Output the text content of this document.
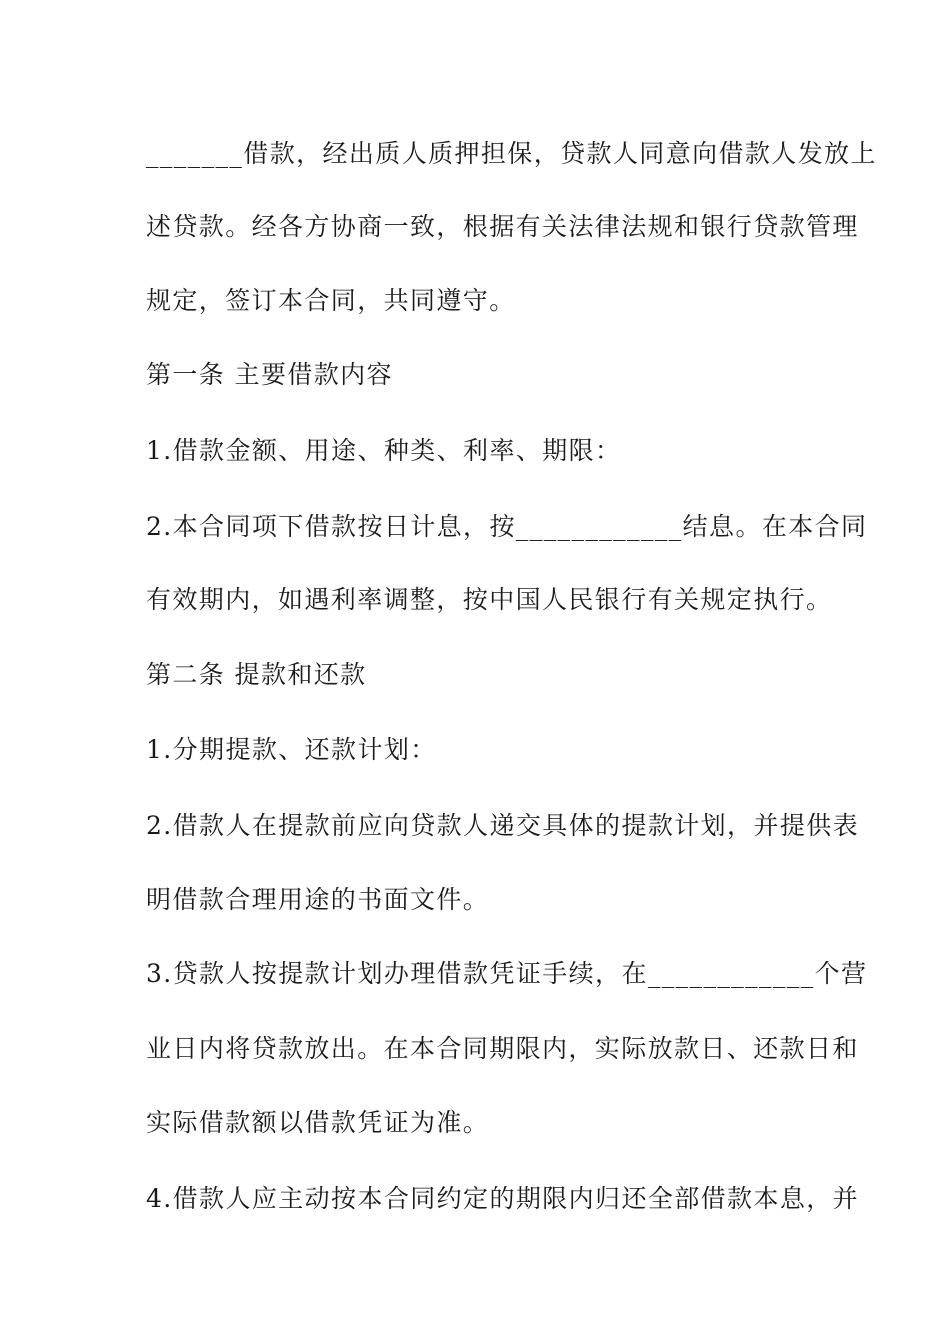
_______借款，经出质人质押担保，贷款人同意向借款人发放上
述贷款。经各方协商一致，根据有关法律法规和银行贷款管理
规定，签订本合同，共同遵守。
第一条 主要借款内容
1.借款金额、用途、种类、利率、期限：
2.本合同项下借款按日计息，按____________结息。在本合同
有效期内，如遇利率调整，按中国人民银行有关规定执行。
第二条 提款和还款
1.分期提款、还款计划：
2.借款人在提款前应向贷款人递交具体的提款计划，并提供表
明借款合理用途的书面文件。
3.贷款人按提款计划办理借款凭证手续，在____________个营
业日内将贷款放出。在本合同期限内，实际放款日、还款日和
实际借款额以借款凭证为准。
4.借款人应主动按本合同约定的期限内归还全部借款本息，并
